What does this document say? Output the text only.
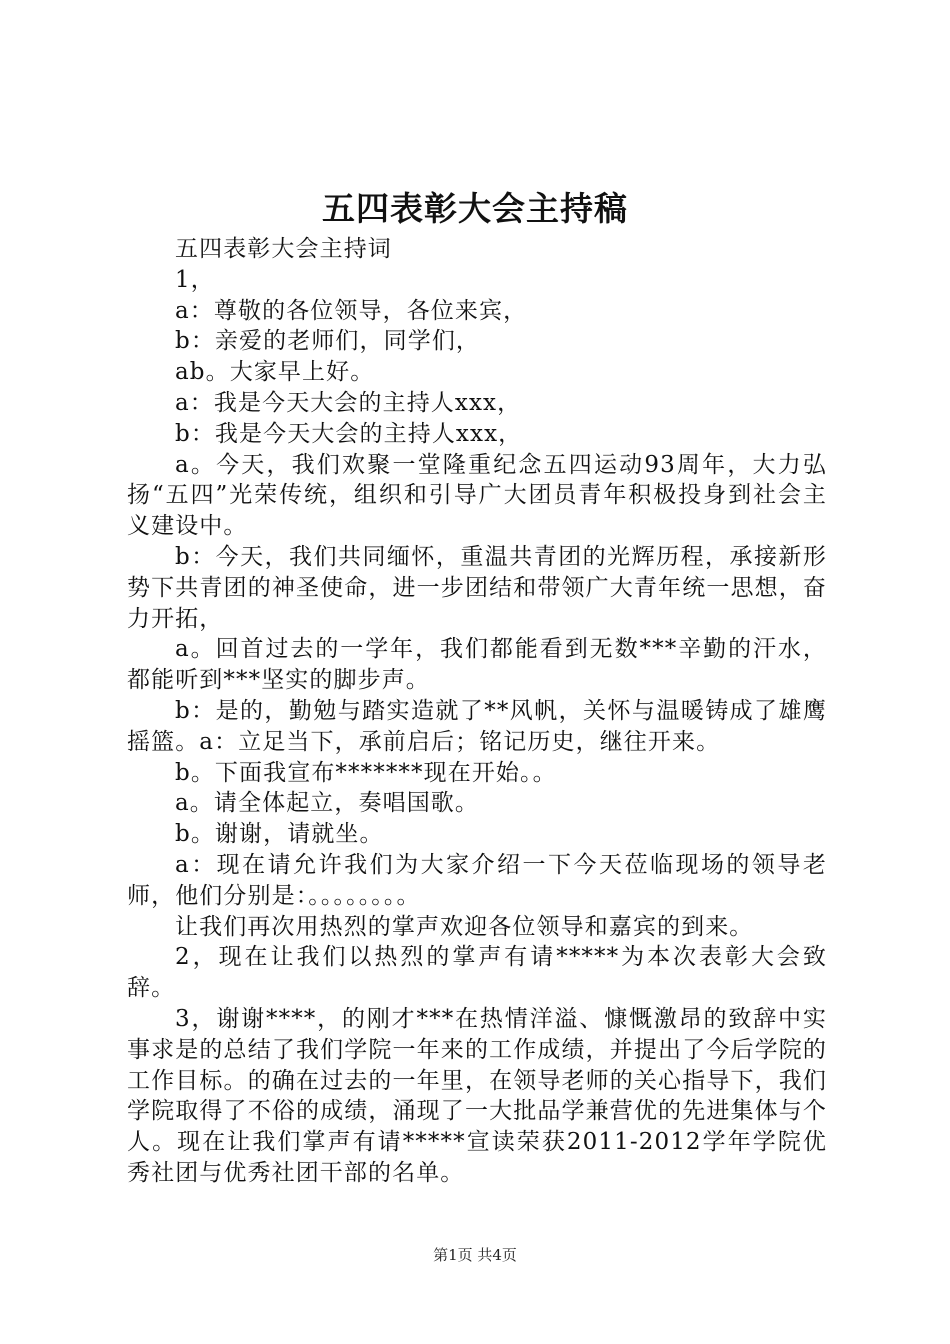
五四表彰大会主持稿

五四表彰大会主持词

1，

a：尊敬的各位领导，各位来宾，

b：亲爱的老师们，同学们，

ab。大家早上好。

a：我是今天大会的主持人xxx，

b：我是今天大会的主持人xxx，

a。今天，我们欢聚一堂隆重纪念五四运动93周年，大力弘扬“五四”光荣传统，组织和引导广大团员青年积极投身到社会主义建设中。

b：今天，我们共同缅怀，重温共青团的光辉历程，承接新形势下共青团的神圣使命，进一步团结和带领广大青年统一思想，奋力开拓，

a。回首过去的一学年，我们都能看到无数***辛勤的汗水，都能听到***坚实的脚步声。

b：是的，勤勉与踏实造就了**风帆，关怀与温暖铸成了雄鹰摇篮。a：立足当下，承前启后；铭记历史，继往开来。

b。下面我宣布*******现在开始。。

a。请全体起立，奏唱国歌。

b。谢谢，请就坐。

a：现在请允许我们为大家介绍一下今天莅临现场的领导老师，他们分别是：。。。。。。。。

让我们再次用热烈的掌声欢迎各位领导和嘉宾的到来。

2，现在让我们以热烈的掌声有请*****为本次表彰大会致辞。

3，谢谢****，的刚才***在热情洋溢、慷慨激昂的致辞中实事求是的总结了我们学院一年来的工作成绩，并提出了今后学院的工作目标。的确在过去的一年里，在领导老师的关心指导下，我们学院取得了不俗的成绩，涌现了一大批品学兼营优的先进集体与个人。现在让我们掌声有请*****宣读荣获2011-2012学年学院优秀社团与优秀社团干部的名单。

第1页 共4页
